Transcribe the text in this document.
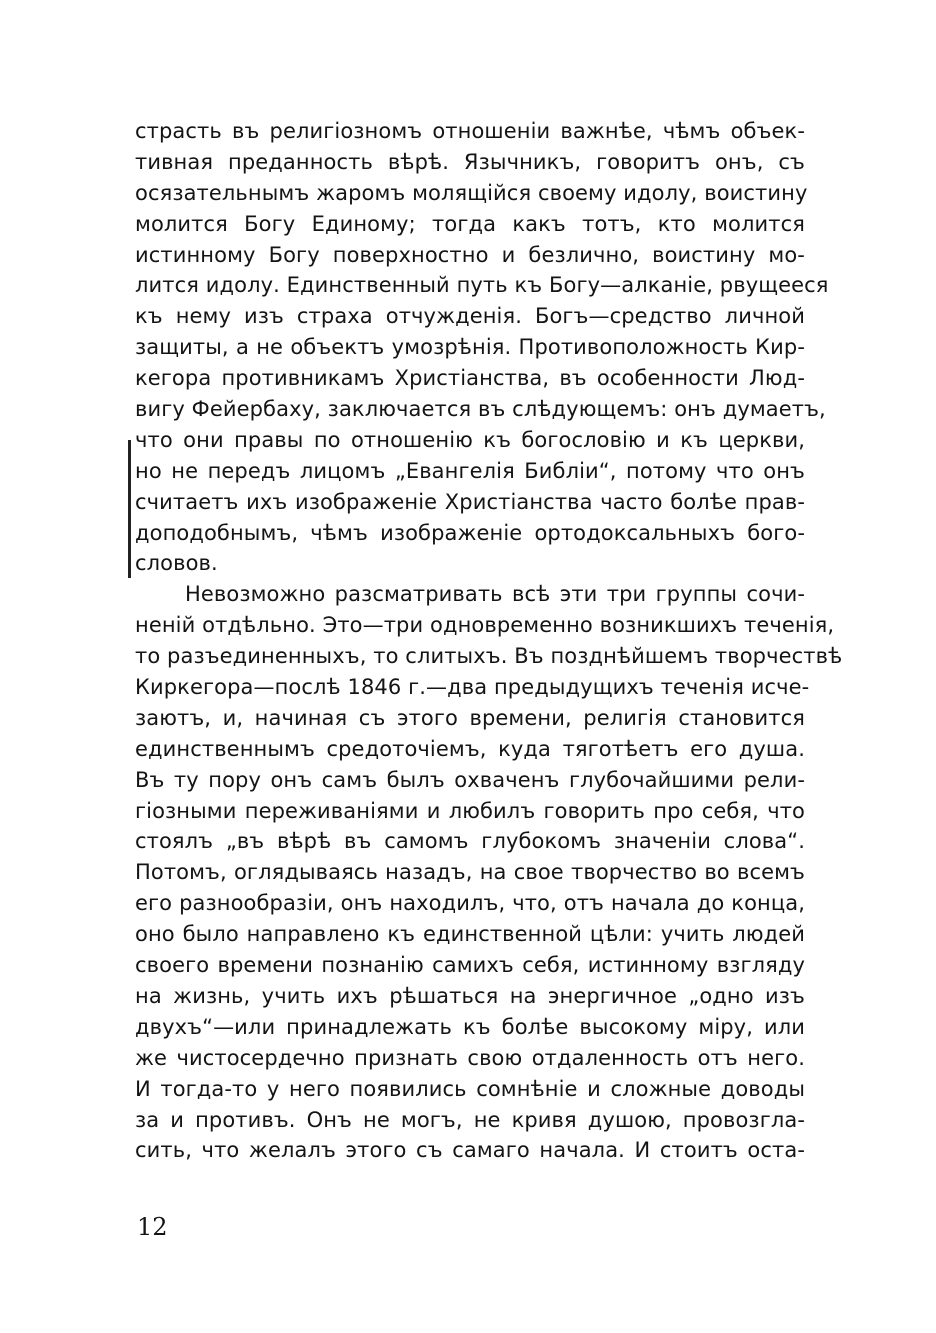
страсть въ религіозномъ отношеніи важнѣе, чѣмъ объек-
тивная преданность вѣрѣ. Язычникъ, говоритъ онъ, съ
осязательнымъ жаромъ молящійся своему идолу, воистину
молится Богу Единому; тогда какъ тотъ, кто молится
истинному Богу поверхностно и безлично, воистину мо-
лится идолу. Единственный путь къ Богу—алканіе, рвущееся
къ нему изъ страха отчужденія. Богъ—средство личной
защиты, а не объектъ умозрѣнія. Противоположность Кир-
кегора противникамъ Христіанства, въ особенности Люд-
вигу Фейербаху, заключается въ слѣдующемъ: онъ думаетъ,
что они правы по отношенію къ богословію и къ церкви,
но не передъ лицомъ „Евангелія Библіи“, потому что онъ
считаетъ ихъ изображеніе Христіанства часто болѣе прав-
доподобнымъ, чѣмъ изображеніе ортодоксальныхъ бого-
словов.
Невозможно разсматривать всѣ эти три группы сочи-
неній отдѣльно. Это—три одновременно возникшихъ теченія,
то разъединенныхъ, то слитыхъ. Въ позднѣйшемъ творчествѣ
Киркегора—послѣ 1846 г.—два предыдущихъ теченія исче-
заютъ, и, начиная съ этого времени, религія становится
единственнымъ средоточіемъ, куда тяготѣетъ его душа.
Въ ту пору онъ самъ былъ охваченъ глубочайшими рели-
гіозными переживаніями и любилъ говорить про себя, что
стоялъ „въ вѣрѣ въ самомъ глубокомъ значеніи слова“.
Потомъ, оглядываясь назадъ, на свое творчество во всемъ
его разнообразіи, онъ находилъ, что, отъ начала до конца,
оно было направлено къ единственной цѣли: учить людей
своего времени познанію самихъ себя, истинному взгляду
на жизнь, учить ихъ рѣшаться на энергичное „одно изъ
двухъ“—или принадлежать къ болѣе высокому міру, или
же чистосердечно признать свою отдаленность отъ него.
И тогда-то у него появились сомнѣніе и сложные доводы
за и противъ. Онъ не могъ, не кривя душою, провозгла-
сить, что желалъ этого съ самаго начала. И стоитъ оста-
12
